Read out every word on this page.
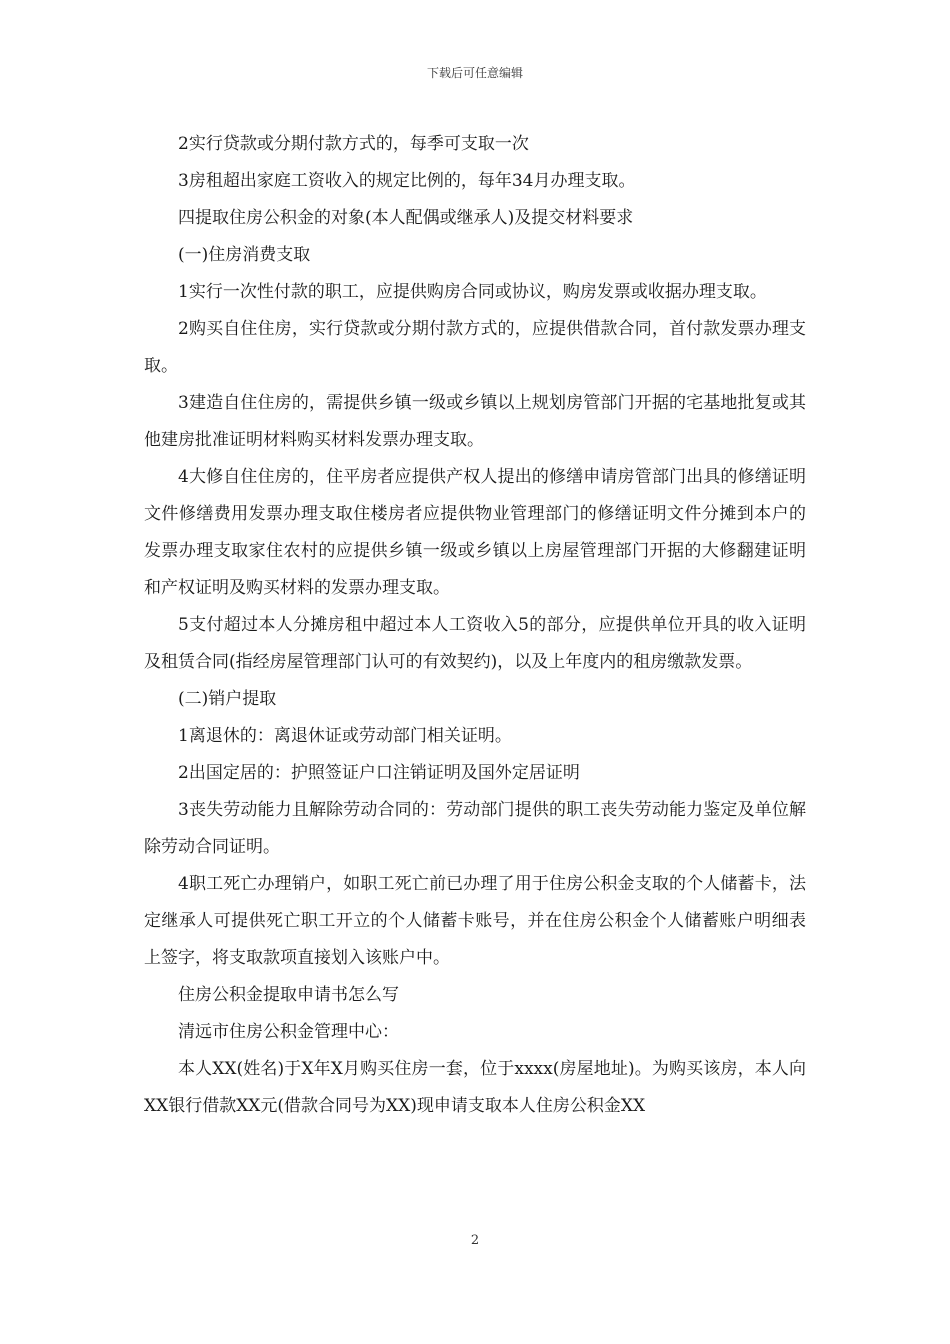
下载后可任意编辑

2实行贷款或分期付款方式的，每季可支取一次

3房租超出家庭工资收入的规定比例的，每年34月办理支取。

四提取住房公积金的对象(本人配偶或继承人)及提交材料要求

(一)住房消费支取

1实行一次性付款的职工，应提供购房合同或协议，购房发票或收据办理支取。

2购买自住住房，实行贷款或分期付款方式的，应提供借款合同，首付款发票办理支取。

3建造自住住房的，需提供乡镇一级或乡镇以上规划房管部门开据的宅基地批复或其他建房批准证明材料购买材料发票办理支取。

4大修自住住房的，住平房者应提供产权人提出的修缮申请房管部门出具的修缮证明文件修缮费用发票办理支取住楼房者应提供物业管理部门的修缮证明文件分摊到本户的发票办理支取家住农村的应提供乡镇一级或乡镇以上房屋管理部门开据的大修翻建证明和产权证明及购买材料的发票办理支取。

5支付超过本人分摊房租中超过本人工资收入5的部分，应提供单位开具的收入证明及租赁合同(指经房屋管理部门认可的有效契约)，以及上年度内的租房缴款发票。

(二)销户提取

1离退休的：离退休证或劳动部门相关证明。

2出国定居的：护照签证户口注销证明及国外定居证明

3丧失劳动能力且解除劳动合同的：劳动部门提供的职工丧失劳动能力鉴定及单位解除劳动合同证明。

4职工死亡办理销户，如职工死亡前已办理了用于住房公积金支取的个人储蓄卡，法定继承人可提供死亡职工开立的个人储蓄卡账号，并在住房公积金个人储蓄账户明细表上签字，将支取款项直接划入该账户中。

住房公积金提取申请书怎么写

清远市住房公积金管理中心：

本人XX(姓名)于X年X月购买住房一套，位于xxxx(房屋地址)。为购买该房，本人向XX银行借款XX元(借款合同号为XX)现申请支取本人住房公积金XX

2
